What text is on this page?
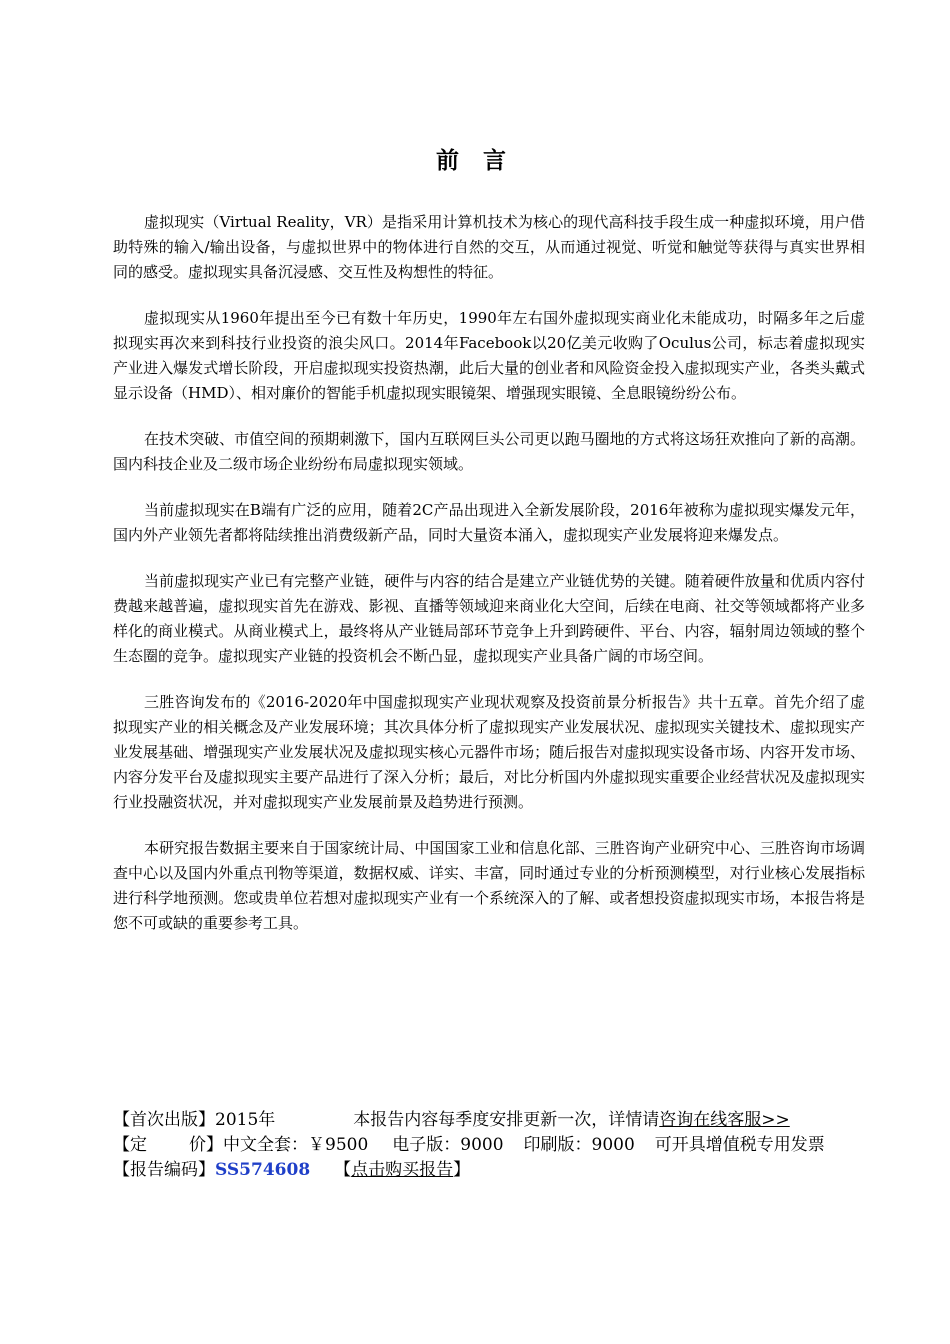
前 言

虚拟现实（Virtual Reality，VR）是指采用计算机技术为核心的现代高科技手段生成一种虚拟环境，用户借助特殊的输入/输出设备，与虚拟世界中的物体进行自然的交互，从而通过视觉、听觉和触觉等获得与真实世界相同的感受。虚拟现实具备沉浸感、交互性及构想性的特征。

虚拟现实从1960年提出至今已有数十年历史，1990年左右国外虚拟现实商业化未能成功，时隔多年之后虚拟现实再次来到科技行业投资的浪尖风口。2014年Facebook以20亿美元收购了Oculus公司，标志着虚拟现实产业进入爆发式增长阶段，开启虚拟现实投资热潮，此后大量的创业者和风险资金投入虚拟现实产业，各类头戴式显示设备（HMD）、相对廉价的智能手机虚拟现实眼镜架、增强现实眼镜、全息眼镜纷纷公布。

在技术突破、市值空间的预期刺激下，国内互联网巨头公司更以跑马圈地的方式将这场狂欢推向了新的高潮。国内科技企业及二级市场企业纷纷布局虚拟现实领域。

当前虚拟现实在B端有广泛的应用，随着2C产品出现进入全新发展阶段，2016年被称为虚拟现实爆发元年，国内外产业领先者都将陆续推出消费级新产品，同时大量资本涌入，虚拟现实产业发展将迎来爆发点。

当前虚拟现实产业已有完整产业链，硬件与内容的结合是建立产业链优势的关键。随着硬件放量和优质内容付费越来越普遍，虚拟现实首先在游戏、影视、直播等领域迎来商业化大空间，后续在电商、社交等领域都将产业多样化的商业模式。从商业模式上，最终将从产业链局部环节竞争上升到跨硬件、平台、内容，辐射周边领域的整个生态圈的竞争。虚拟现实产业链的投资机会不断凸显，虚拟现实产业具备广阔的市场空间。

三胜咨询发布的《2016-2020年中国虚拟现实产业现状观察及投资前景分析报告》共十五章。首先介绍了虚拟现实产业的相关概念及产业发展环境；其次具体分析了虚拟现实产业发展状况、虚拟现实关键技术、虚拟现实产业发展基础、增强现实产业发展状况及虚拟现实核心元器件市场；随后报告对虚拟现实设备市场、内容开发市场、内容分发平台及虚拟现实主要产品进行了深入分析；最后，对比分析国内外虚拟现实重要企业经营状况及虚拟现实行业投融资状况，并对虚拟现实产业发展前景及趋势进行预测。

本研究报告数据主要来自于国家统计局、中国国家工业和信息化部、三胜咨询产业研究中心、三胜咨询市场调查中心以及国内外重点刊物等渠道，数据权威、详实、丰富，同时通过专业的分析预测模型，对行业核心发展指标进行科学地预测。您或贵单位若想对虚拟现实产业有一个系统深入的了解、或者想投资虚拟现实市场，本报告将是您不可或缺的重要参考工具。

【首次出版】2015年	本报告内容每季度安排更新一次，详情请咨询在线客服>>

【定 价】中文全套：￥9500 电子版：9000 印刷版：9000 可开具增值税专用发票

【报告编码】SS574608 【点击购买报告】
